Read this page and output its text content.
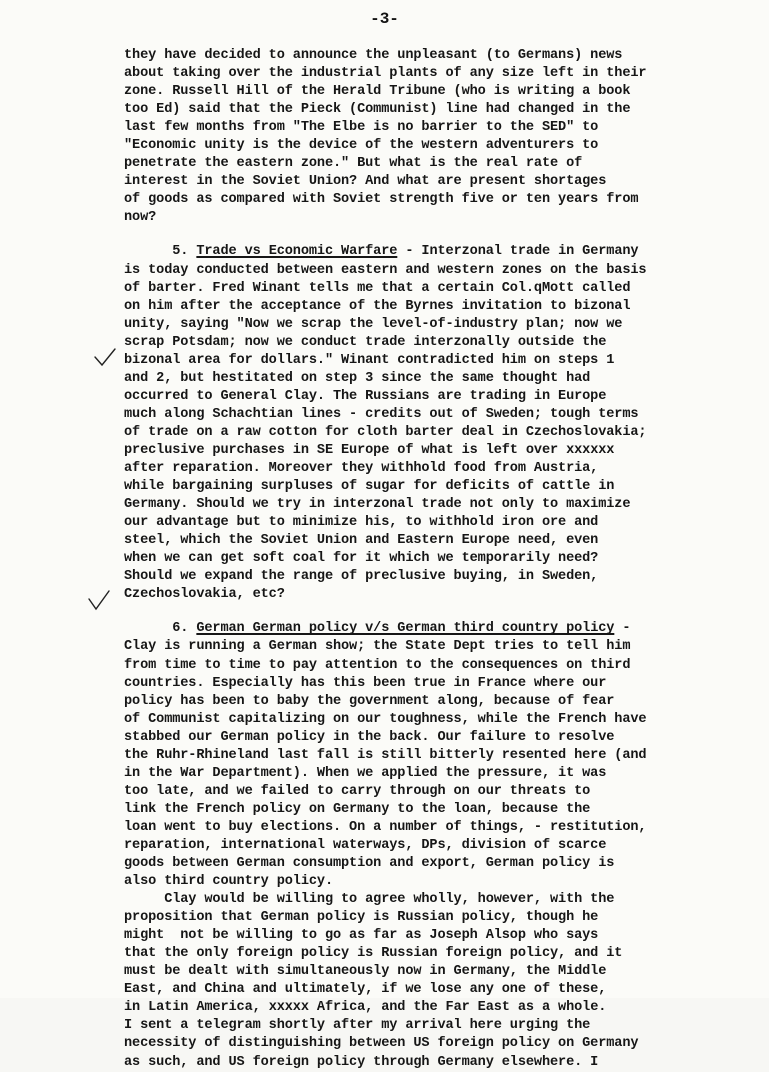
-3-
they have decided to announce the unpleasant (to Germans) news
about taking over the industrial plants of any size left in their
zone. Russell Hill of the Herald Tribune (who is writing a book
too Ed) said that the Pieck (Communist) line had changed in the
last few months from "The Elbe is no barrier to the SED" to
"Economic unity is the device of the western adventurers to
penetrate the eastern zone." But what is the real rate of
interest in the Soviet Union? And what are present shortages
of goods as compared with Soviet strength five or ten years from
now?
5. Trade vs Economic Warfare - Interzonal trade in Germany
is today conducted between eastern and western zones on the basis
of barter. Fred Winant tells me that a certain Col.qMott called
on him after the acceptance of the Byrnes invitation to bizonal
unity, saying "Now we scrap the level-of-industry plan; now we
scrap Potsdam; now we conduct trade interzonally outside the
bizonal area for dollars." Winant contradicted him on steps 1
and 2, but hestitated on step 3 since the same thought had
occurred to General Clay. The Russians are trading in Europe
much along Schachtian lines - credits out of Sweden; tough terms
of trade on a raw cotton for cloth barter deal in Czechoslovakia;
preclusive purchases in SE Europe of what is left over xxxxxx
after reparation. Moreover they withhold food from Austria,
while bargaining surpluses of sugar for deficits of cattle in
Germany. Should we try in interzonal trade not only to maximize
our advantage but to minimize his, to withhold iron ore and
steel, which the Soviet Union and Eastern Europe need, even
when we can get soft coal for it which we temporarily need?
Should we expand the range of preclusive buying, in Sweden,
Czechoslovakia, etc?
6. German German policy v/s German third country policy -
Clay is running a German show; the State Dept tries to tell him
from time to time to pay attention to the consequences on third
countries. Especially has this been true in France where our
policy has been to baby the government along, because of fear
of Communist capitalizing on our toughness, while the French have
stabbed our German policy in the back. Our failure to resolve
the Ruhr-Rhineland last fall is still bitterly resented here (and
in the War Department). When we applied the pressure, it was
too late, and we failed to carry through on our threats to
link the French policy on Germany to the loan, because the
loan went to buy elections. On a number of things, - restitution,
reparation, international waterways, DPs, division of scarce
goods between German consumption and export, German policy is
also third country policy.
Clay would be willing to agree wholly, however, with the
proposition that German policy is Russian policy, though he
might  not be willing to go as far as Joseph Alsop who says
that the only foreign policy is Russian foreign policy, and it
must be dealt with simultaneously now in Germany, the Middle
East, and China and ultimately, if we lose any one of these,
in Latin America, xxxxx Africa, and the Far East as a whole.
I sent a telegram shortly after my arrival here urging the
necessity of distinguishing between US foreign policy on Germany
as such, and US foreign policy through Germany elsewhere. I
